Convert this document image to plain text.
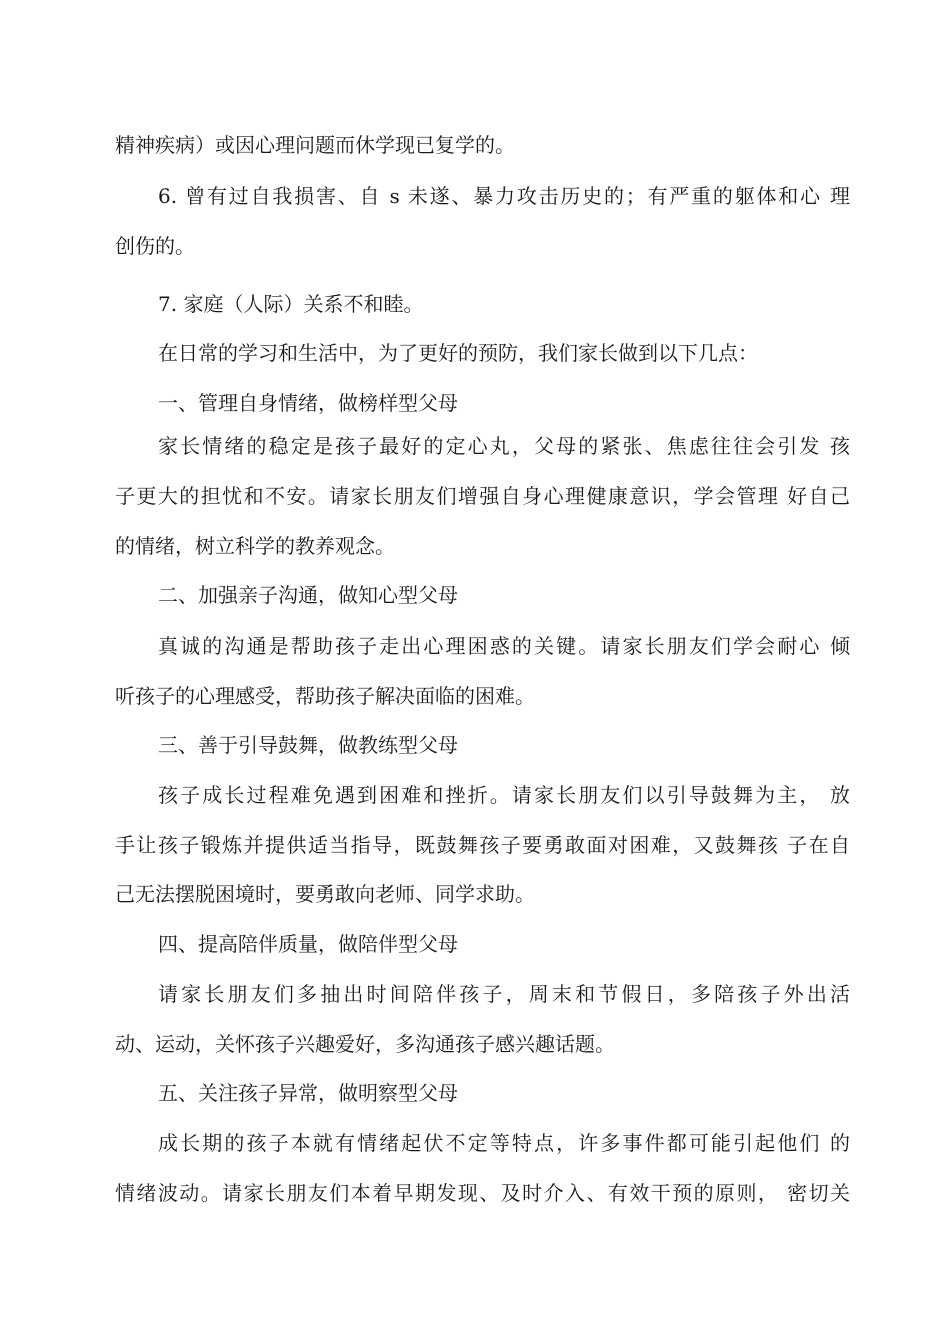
精神疾病）或因心理问题而休学现已复学的。
6. 曾有过自我损害、自 s 未遂、暴力攻击历史的；有严重的躯体和心 理
创伤的。
7. 家庭（人际）关系不和睦。
在日常的学习和生活中，为了更好的预防，我们家长做到以下几点：
一、管理自身情绪，做榜样型父母
家长情绪的稳定是孩子最好的定心丸，父母的紧张、焦虑往往会引发 孩
子更大的担忧和不安。请家长朋友们增强自身心理健康意识，学会管理 好自己
的情绪，树立科学的教养观念。
二、加强亲子沟通，做知心型父母
真诚的沟通是帮助孩子走出心理困惑的关键。请家长朋友们学会耐心 倾
听孩子的心理感受，帮助孩子解决面临的困难。
三、善于引导鼓舞，做教练型父母
孩子成长过程难免遇到困难和挫折。请家长朋友们以引导鼓舞为主， 放
手让孩子锻炼并提供适当指导，既鼓舞孩子要勇敢面对困难，又鼓舞孩 子在自
己无法摆脱困境时，要勇敢向老师、同学求助。
四、提高陪伴质量，做陪伴型父母
请家长朋友们多抽出时间陪伴孩子，周末和节假日，多陪孩子外出活
动、运动，关怀孩子兴趣爱好，多沟通孩子感兴趣话题。
五、关注孩子异常，做明察型父母
成长期的孩子本就有情绪起伏不定等特点，许多事件都可能引起他们 的
情绪波动。请家长朋友们本着早期发现、及时介入、有效干预的原则， 密切关
